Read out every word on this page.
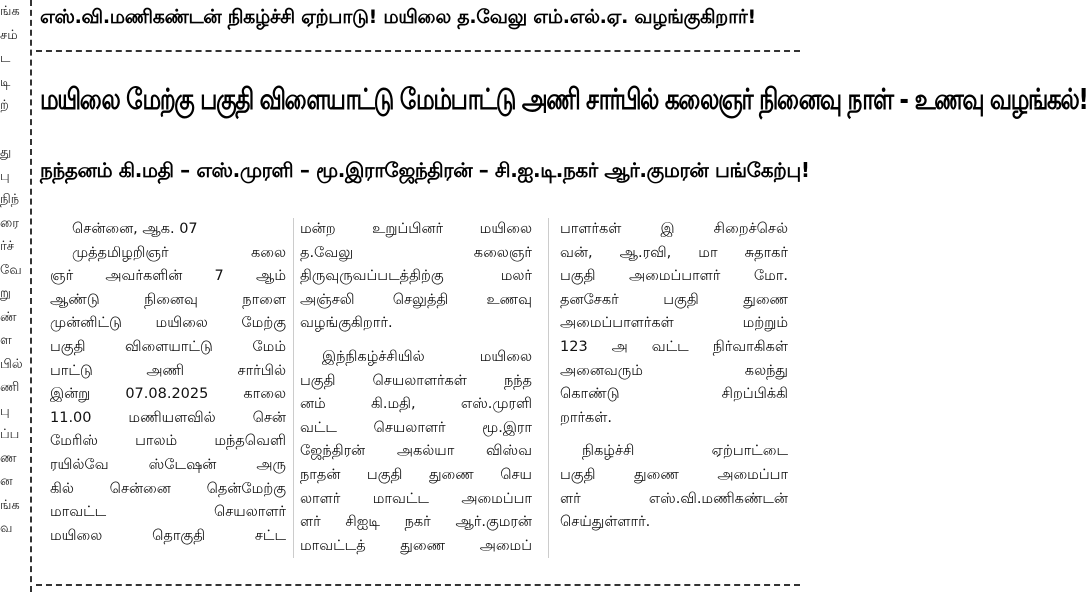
ங்க
சம்
ட
டி
ற்

து
பு
நிந்
ரை
ர்ச்
வே
று
ண்
ள
பில்
ணி
பு
ப்ப
ண
ன
ங்க
வ
எஸ்.வி.மணிகண்டன் நிகழ்ச்சி ஏற்பாடு! மயிலை த.வேலு எம்.எல்.ஏ. வழங்குகிறார்!
மயிலை மேற்கு பகுதி விளையாட்டு மேம்பாட்டு அணி சார்பில் கலைஞர் நினைவு நாள் - உணவு வழங்கல்!
நந்தனம் கி.மதி – எஸ்.முரளி – மூ.இராஜேந்திரன் – சி.ஐ.டி.நகர் ஆர்.குமரன் பங்கேற்பு!

சென்னை, ஆக. 07

முத்தமிழறிஞர் கலை

ஞர் அவர்களின் 7 ஆம்

ஆண்டு நினைவு நாளை

முன்னிட்டு மயிலை மேற்கு

பகுதி விளையாட்டு மேம்

பாட்டு அணி சார்பில்

இன்று 07.08.2025 காலை

11.00 மணியளவில் சென்

மேரிஸ் பாலம் மந்தவெளி

ரயில்வே ஸ்டேஷன் அரு

கில் சென்னை தென்மேற்கு

மாவட்ட செயலாளர்

மயிலை தொகுதி சட்ட

மன்ற உறுப்பினர் மயிலை

த.வேலு கலைஞர்

திருவுருவப்படத்திற்கு மலர்

அஞ்சலி செலுத்தி உணவு

வழங்குகிறார்.

இந்நிகழ்ச்சியில் மயிலை

பகுதி செயலாளர்கள் நந்த

னம் கி.மதி, எஸ்.முரளி

வட்ட செயலாளர் மூ.இரா

ஜேந்திரன் அகல்யா விஸ்வ

நாதன் பகுதி துணை செய

லாளர் மாவட்ட அமைப்பா

ளர் சிஐடி நகர் ஆர்.குமரன்

மாவட்டத் துணை அமைப்

பாளர்கள் இ சிறைச்செல்

வன், ஆ.ரவி, மா சுதாகர்

பகுதி அமைப்பாளர் மோ.

தனசேகர் பகுதி துணை

அமைப்பாளர்கள் மற்றும்

123 அ வட்ட நிர்வாகிகள்

அனைவரும் கலந்து

கொண்டு சிறப்பிக்கி

றார்கள்.

நிகழ்ச்சி ஏற்பாட்டை

பகுதி துணை அமைப்பா

ளர் எஸ்.வி.மணிகண்டன்

செய்துள்ளார்.
